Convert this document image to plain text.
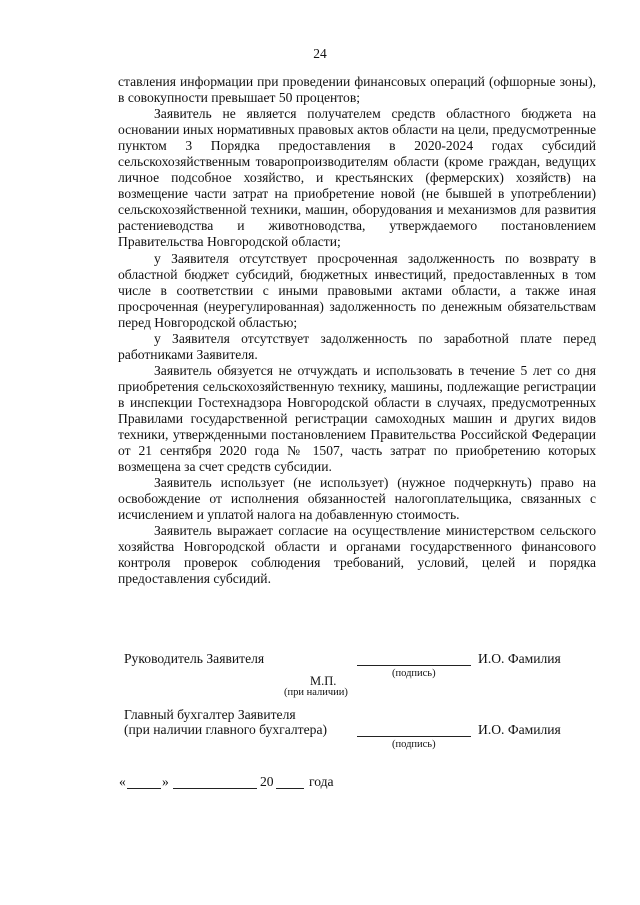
24

ставления информации при проведении финансовых операций (офшорные зоны), в совокупности превышает 50 процентов;

Заявитель не является получателем средств областного бюджета на основании иных нормативных правовых актов области на цели, предусмотренные пунктом 3 Порядка предоставления в 2020-2024 годах субсидий сельскохозяйственным товаропроизводителям области (кроме граждан, ведущих личное подсобное хозяйство, и крестьянских (фермерских) хозяйств) на возмещение части затрат на приобретение новой (не бывшей в употреблении) сельскохозяйственной техники, машин, оборудования и механизмов для развития растениеводства и животноводства, утверждаемого постановлением Правительства Новгородской области;

у Заявителя отсутствует просроченная задолженность по возврату в областной бюджет субсидий, бюджетных инвестиций, предоставленных в том числе в соответствии с иными правовыми актами области, а также иная просроченная (неурегулированная) задолженность по денежным обязательствам перед Новгородской областью;

у Заявителя отсутствует задолженность по заработной плате перед работниками Заявителя.

Заявитель обязуется не отчуждать и использовать в течение 5 лет со дня приобретения сельскохозяйственную технику, машины, подлежащие регистрации в инспекции Гостехнадзора Новгородской области в случаях, предусмотренных Правилами государственной регистрации самоходных машин и других видов техники, утвержденными постановлением Правительства Российской Федерации от 21 сентября 2020 года № 1507, часть затрат по приобретению которых возмещена за счет средств субсидии.

Заявитель использует (не использует) (нужное подчеркнуть) право на освобождение от исполнения обязанностей налогоплательщика, связанных с исчислением и уплатой налога на добавленную стоимость.

Заявитель выражает согласие на осуществление министерством сельского хозяйства Новгородской области и органами государственного финансового контроля проверок соблюдения требований, условий, целей и порядка предоставления субсидий.

Руководитель Заявителя	И.О. Фамилия
(подпись)
М.П.
(при наличии)
Главный бухгалтер Заявителя
(при наличии главного бухгалтера)	И.О. Фамилия
(подпись)
«	»	20	года
